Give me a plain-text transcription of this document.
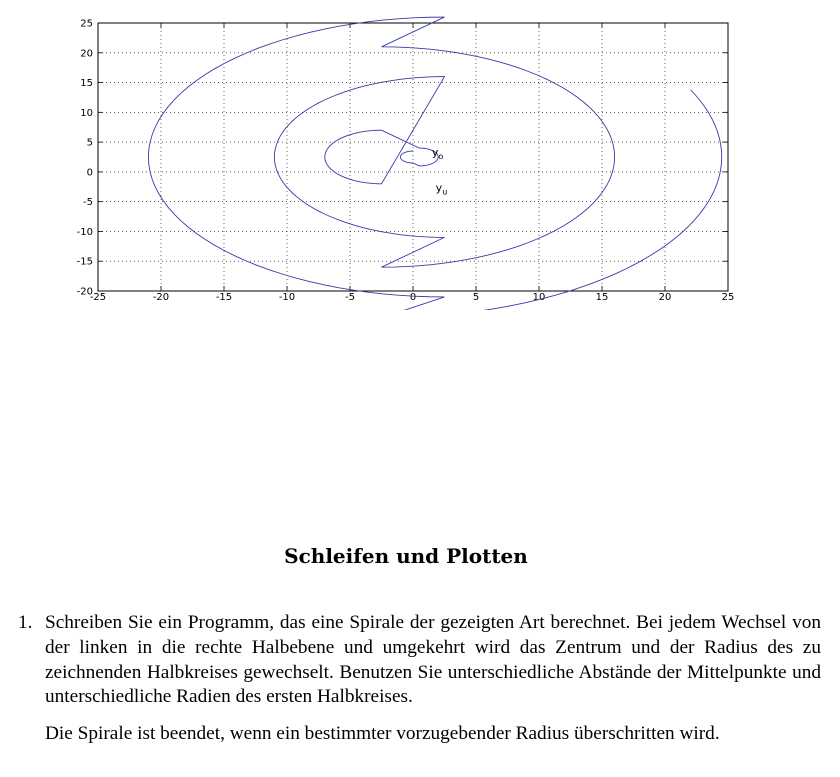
-25	-20	-15	-10	-5	0	5	10	15	20	25
25
20
15
10
5
0
-5
-10
-15
-20
$y_o$
$y_u$
Schleifen und Plotten
1. Schreiben Sie ein Programm, das eine Spirale der gezeigten Art berechnet. Bei jedem Wechsel von der linken in die rechte Halbebene und umgekehrt wird das Zentrum und der Radius des zu zeichnenden Halbkreises gewechselt. Benutzen Sie unterschiedliche Abstände der Mittelpunkte und unterschiedliche Radien des ersten Halbkreises.
Die Spirale ist beendet, wenn ein bestimmter vorzugebender Radius überschritten wird.
